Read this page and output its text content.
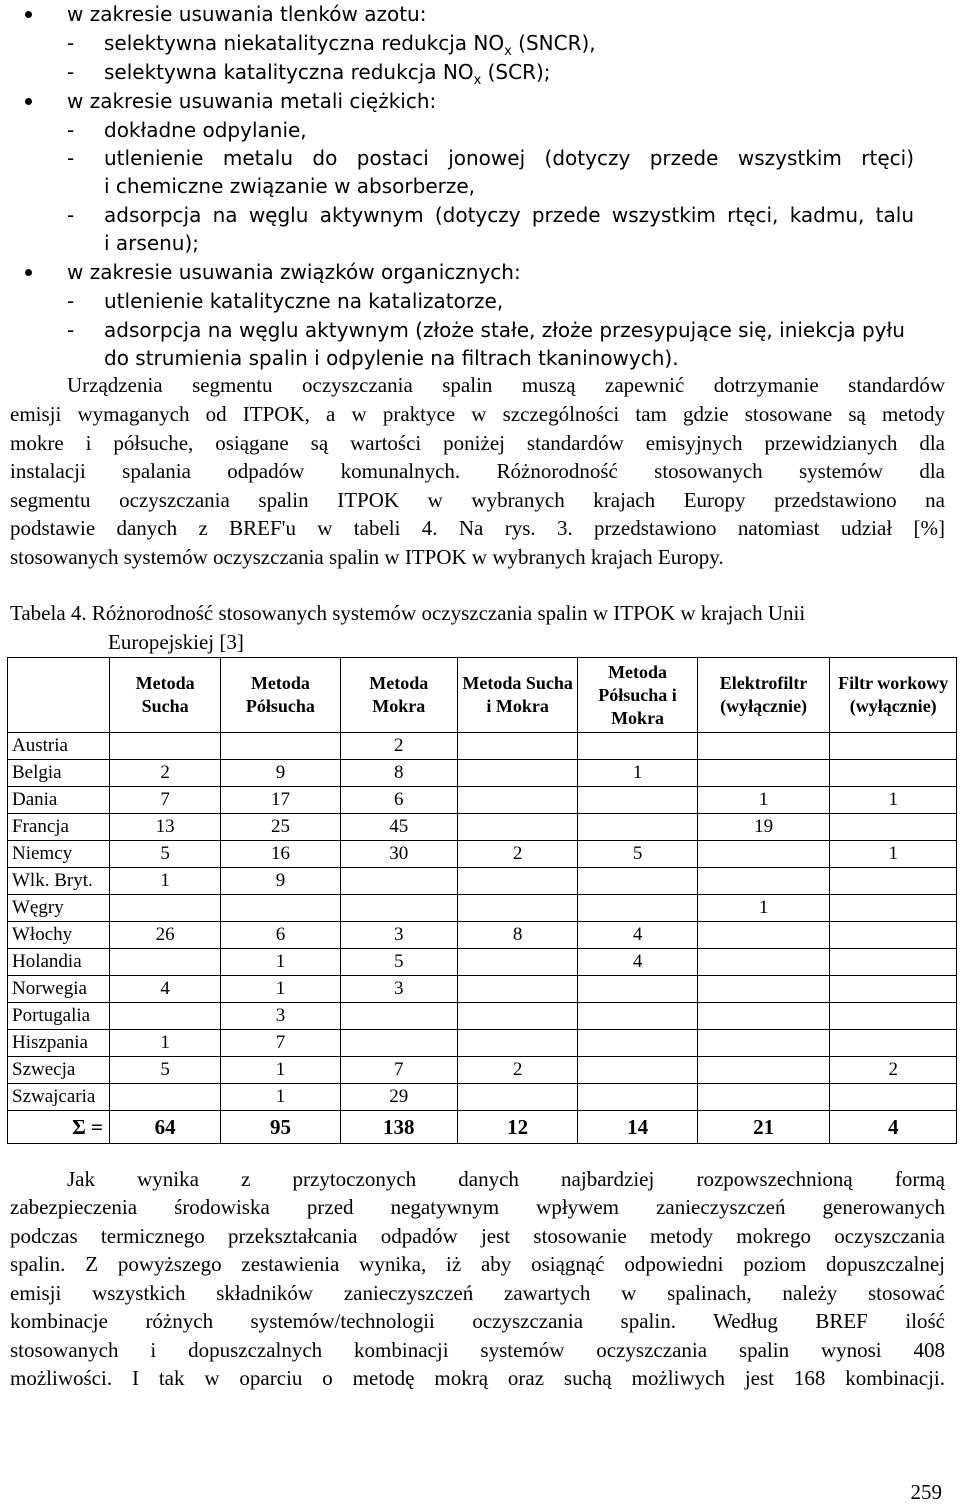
w zakresie usuwania tlenków azotu:
- selektywna niekatalityczna redukcja $NO_x$ (SNCR),
- selektywna katalityczna redukcja $NO_x$ (SCR);
w zakresie usuwania metali ciężkich:
- dokładne odpylanie,
- utlenienie metalu do postaci jonowej (dotyczy przede wszystkim rtęci)
i chemiczne związanie w absorberze,
- adsorpcja na węglu aktywnym (dotyczy przede wszystkim rtęci, kadmu, talu
i arsenu);
w zakresie usuwania związków organicznych:
- utlenienie katalityczne na katalizatorze,
- adsorpcja na węglu aktywnym (złoże stałe, złoże przesypujące się, iniekcja pyłu
do strumienia spalin i odpylenie na filtrach tkaninowych).
Urządzenia segmentu oczyszczania spalin muszą zapewnić dotrzymanie standardów
emisji wymaganych od ITPOK, a w praktyce w szczególności tam gdzie stosowane są metody
mokre i półsuche, osiągane są wartości poniżej standardów emisyjnych przewidzianych dla
instalacji spalania odpadów komunalnych. Różnorodność stosowanych systemów dla
segmentu oczyszczania spalin ITPOK w wybranych krajach Europy przedstawiono na
podstawie danych z BREF'u w tabeli 4. Na rys. 3. przedstawiono natomiast udział [%]
stosowanych systemów oczyszczania spalin w ITPOK w wybranych krajach Europy.
Tabela 4. Różnorodność stosowanych systemów oczyszczania spalin w ITPOK w krajach Unii
Europejskiej [3]
	Metoda Sucha	Metoda Półsucha	Metoda Mokra	Metoda Sucha i Mokra	Metoda Półsucha i Mokra	Elektrofiltr (wyłącznie)	Filtr workowy (wyłącznie)
Austria			2				
Belgia	2	9	8		1		
Dania	7	17	6			1	1
Francja	13	25	45			19	
Niemcy	5	16	30	2	5		1
Wlk. Bryt.	1	9					
Węgry						1	
Włochy	26	6	3	8	4		
Holandia		1	5		4		
Norwegia	4	1	3				
Portugalia		3					
Hiszpania	1	7					
Szwecja	5	1	7	2			2
Szwajcaria		1	29				
Σ =	64	95	138	12	14	21	4
Jak wynika z przytoczonych danych najbardziej rozpowszechnioną formą
zabezpieczenia środowiska przed negatywnym wpływem zanieczyszczeń generowanych
podczas termicznego przekształcania odpadów jest stosowanie metody mokrego oczyszczania
spalin. Z powyższego zestawienia wynika, iż aby osiągnąć odpowiedni poziom dopuszczalnej
emisji wszystkich składników zanieczyszczeń zawartych w spalinach, należy stosować
kombinacje różnych systemów/technologii oczyszczania spalin. Według BREF ilość
stosowanych i dopuszczalnych kombinacji systemów oczyszczania spalin wynosi 408
możliwości. I tak w oparciu o metodę mokrą oraz suchą możliwych jest 168 kombinacji.
259
